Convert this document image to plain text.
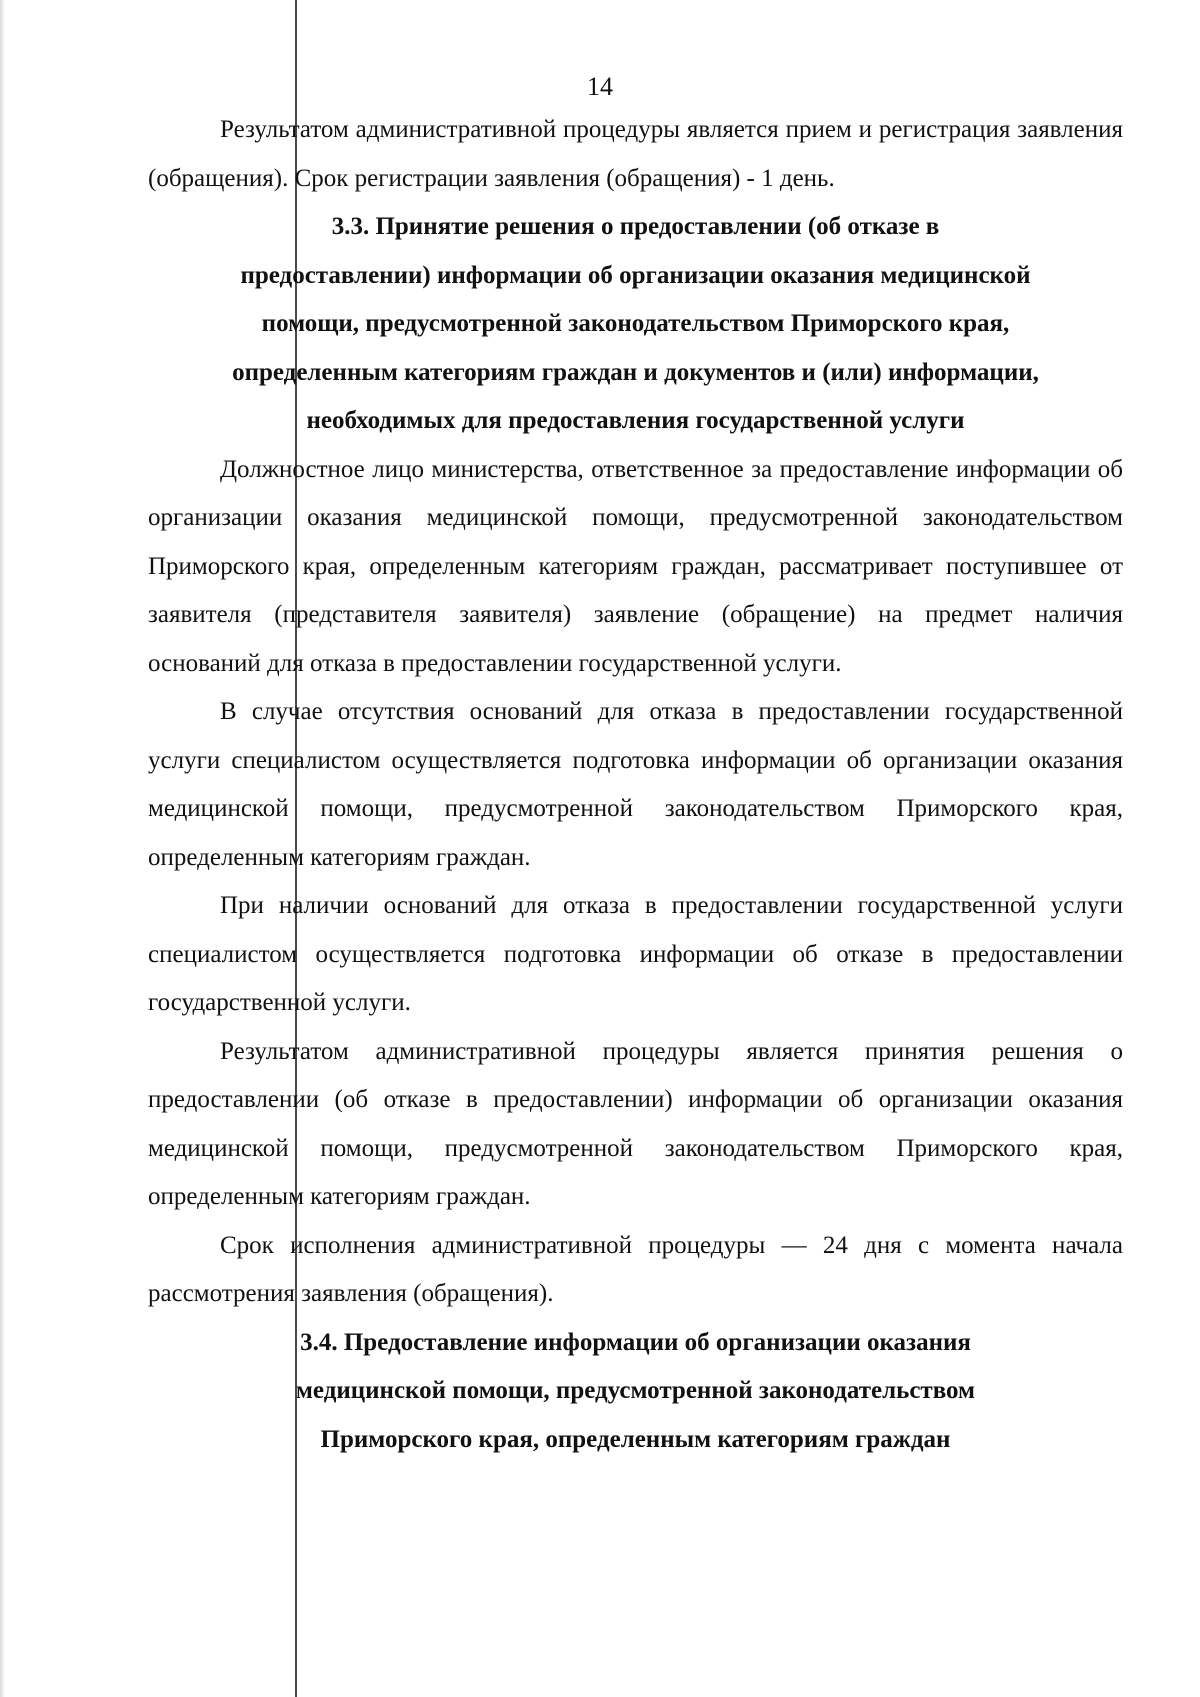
14

Результатом административной процедуры является прием и регистрация заявления (обращения). Срок регистрации заявления (обращения) - 1 день.

3.3. Принятие решения о предоставлении (об отказе в
предоставлении) информации об организации оказания медицинской
помощи, предусмотренной законодательством Приморского края,
определенным категориям граждан и документов и (или) информации,
необходимых для предоставления государственной услуги

Должностное лицо министерства, ответственное за предоставление информации об организации оказания медицинской помощи, предусмотренной законодательством Приморского края, определенным категориям граждан, рассматривает поступившее от заявителя (представителя заявителя) заявление (обращение) на предмет наличия оснований для отказа в предоставлении государственной услуги.

В случае отсутствия оснований для отказа в предоставлении государственной услуги специалистом осуществляется подготовка информации об организации оказания медицинской помощи, предусмотренной законодательством Приморского края, определенным категориям граждан.

При наличии оснований для отказа в предоставлении государственной услуги специалистом осуществляется подготовка информации об отказе в предоставлении государственной услуги.

Результатом административной процедуры является принятия решения о предоставлении (об отказе в предоставлении) информации об организации оказания медицинской помощи, предусмотренной законодательством Приморского края, определенным категориям граждан.

Срок исполнения административной процедуры — 24 дня с момента начала рассмотрения заявления (обращения).

3.4. Предоставление информации об организации оказания
медицинской помощи, предусмотренной законодательством
Приморского края, определенным категориям граждан
